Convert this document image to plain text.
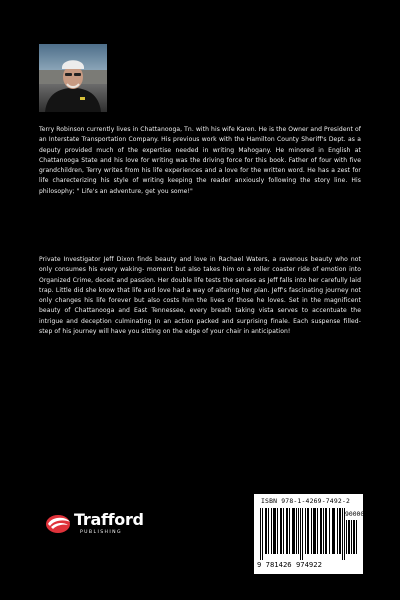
Terry Robinson currently lives in Chattanooga, Tn. with his wife Karen. He is the Owner and President of an Interstate Transportation Company. His previous work with the Hamilton County Sheriff's Dept. as a deputy provided much of the expertise needed in writing Mahogany. He minored in English at Chattanooga State and his love for writing was the driving force for this book. Father of four with five grandchildren, Terry writes from his life experiences and a love for the written word. He has a zest for life charecterizing his style of writing keeping the reader anxiously following the story line. His philosophy; " Life's an adventure, get you some!"

Private Investigator Jeff Dixon finds beauty and love in Rachael Waters, a ravenous beauty who not only consumes his every waking- moment but also takes him on a roller coaster ride of emotion into Organized Crime, deceit and passion. Her double life tests the senses as Jeff falls into her carefully laid trap. Little did she know that life and love had a way of altering her plan. Jeff's fascinating journey not only changes his life forever but also costs him the lives of those he loves. Set in the magnificent beauty of Chattanooga and East Tennessee, every breath taking vista serves to accentuate the intrigue and deception culminating in an action packed and surprising finale. Each suspense filled- step of his journey will have you sitting on the edge of your chair in anticipation!

Trafford
PUBLISHING
ISBN 978-1-4269-7492-2
90000
9 781426 974922
